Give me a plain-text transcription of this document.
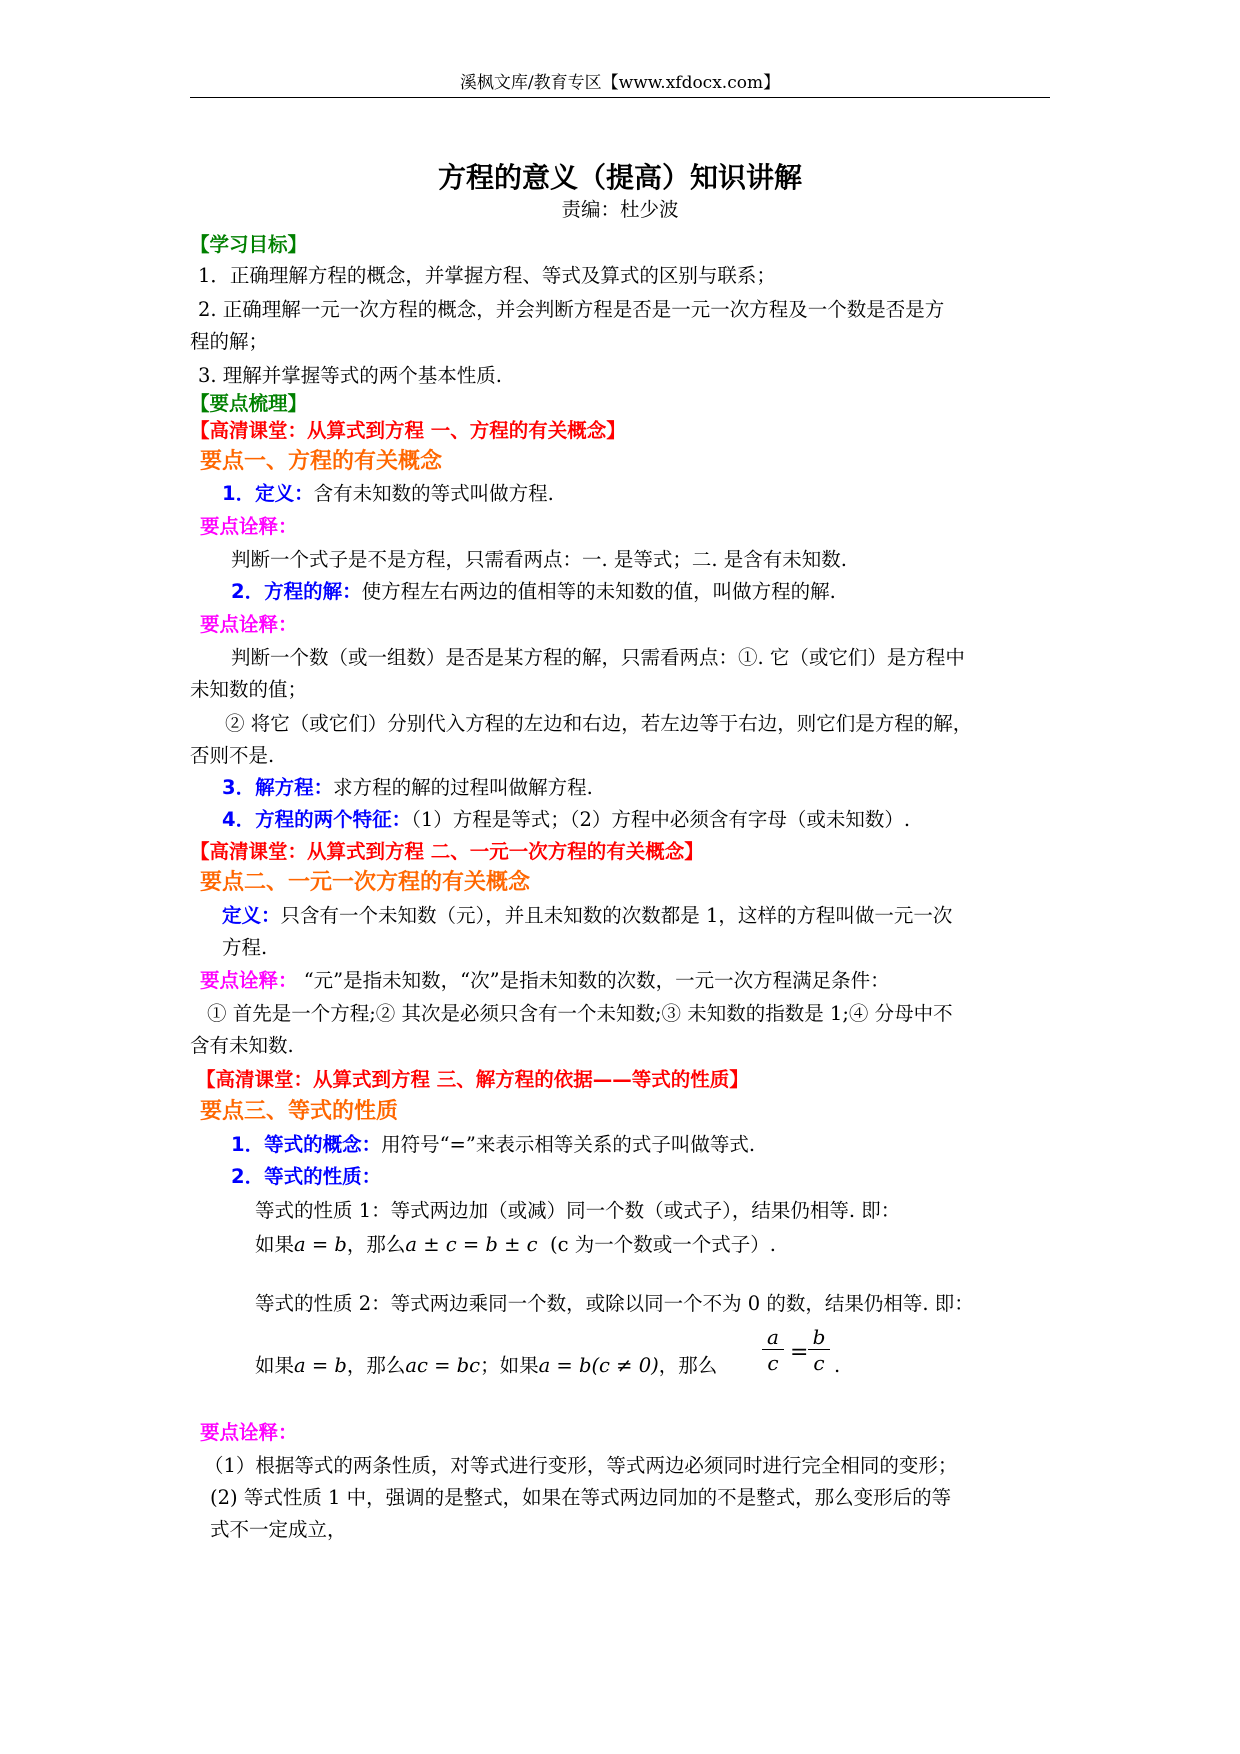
溪枫文库/教育专区【www.xfdocx.com】
方程的意义（提高）知识讲解
责编：杜少波
【学习目标】
1．正确理解方程的概念，并掌握方程、等式及算式的区别与联系；
2. 正确理解一元一次方程的概念，并会判断方程是否是一元一次方程及一个数是否是方
程的解；
3. 理解并掌握等式的两个基本性质.
【要点梳理】
【高清课堂：从算式到方程 一、方程的有关概念】
要点一、方程的有关概念
1．定义：含有未知数的等式叫做方程.
要点诠释：
判断一个式子是不是方程，只需看两点：一. 是等式；二. 是含有未知数.
2．方程的解：使方程左右两边的值相等的未知数的值，叫做方程的解.
要点诠释：
判断一个数（或一组数）是否是某方程的解，只需看两点：①. 它（或它们）是方程中
未知数的值；
② 将它（或它们）分别代入方程的左边和右边，若左边等于右边，则它们是方程的解，
否则不是.
3．解方程：求方程的解的过程叫做解方程.
4．方程的两个特征：（1）方程是等式；（2）方程中必须含有字母（或未知数）.
【高清课堂：从算式到方程 二、一元一次方程的有关概念】
要点二、一元一次方程的有关概念
定义：只含有一个未知数（元），并且未知数的次数都是 1，这样的方程叫做一元一次
方程.
要点诠释： “元”是指未知数，“次”是指未知数的次数，一元一次方程满足条件：
① 首先是一个方程;② 其次是必须只含有一个未知数;③ 未知数的指数是 1;④ 分母中不
含有未知数.
【高清课堂：从算式到方程 三、解方程的依据——等式的性质】
要点三、等式的性质
1．等式的概念：用符号“=”来表示相等关系的式子叫做等式.
2．等式的性质：
等式的性质 1：等式两边加（或减）同一个数（或式子），结果仍相等. 即：
如果a = b，那么a ± c = b ± c (c 为一个数或一个式子）.
等式的性质 2：等式两边乘同一个数，或除以同一个不为 0 的数，结果仍相等. 即：
如果a = b，那么ac = bc；如果a = b(c ≠ 0)，那么 $\frac{a}{c} = \frac{b}{c}$ .
要点诠释：
（1）根据等式的两条性质，对等式进行变形，等式两边必须同时进行完全相同的变形；
(2) 等式性质 1 中，强调的是整式，如果在等式两边同加的不是整式，那么变形后的等
式不一定成立，
